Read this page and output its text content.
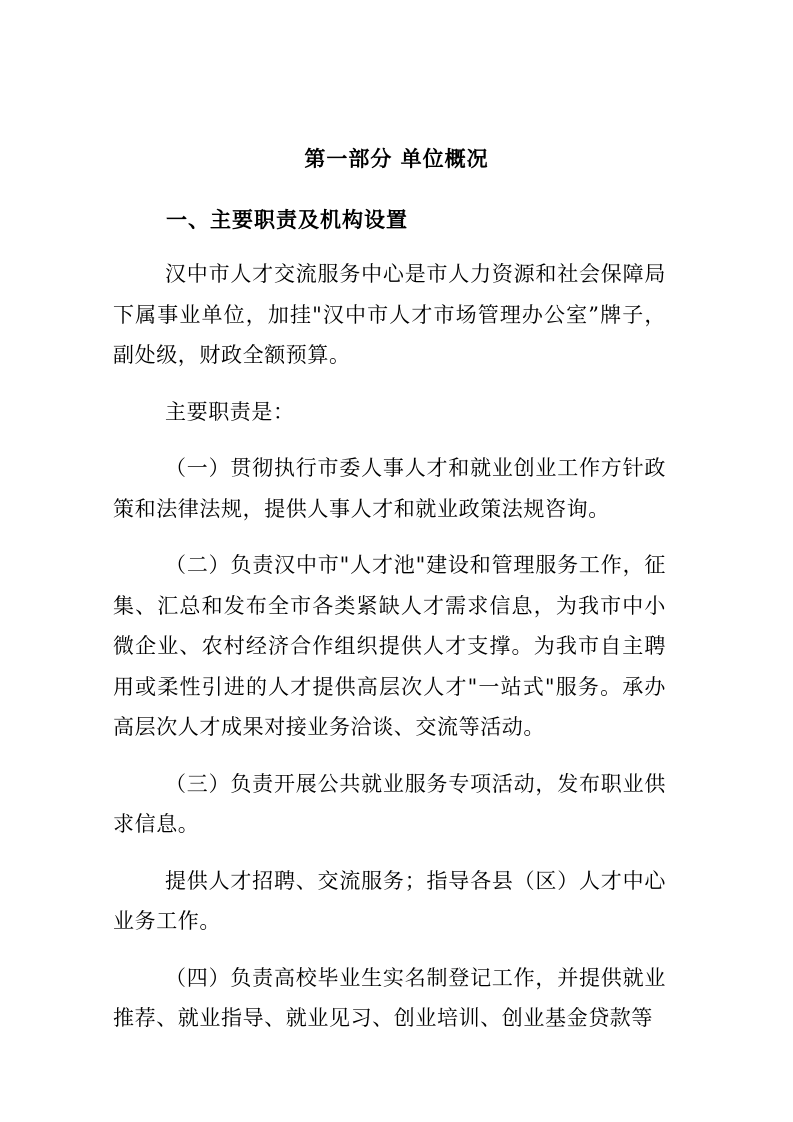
第一部分 单位概况
一、主要职责及机构设置

汉中市人才交流服务中心是市人力资源和社会保障局下属事业单位，加挂"汉中市人才市场管理办公室”牌子，副处级，财政全额预算。

主要职责是：

（一）贯彻执行市委人事人才和就业创业工作方针政策和法律法规，提供人事人才和就业政策法规咨询。

（二）负责汉中市"人才池"建设和管理服务工作，征集、汇总和发布全市各类紧缺人才需求信息，为我市中小微企业、农村经济合作组织提供人才支撑。为我市自主聘用或柔性引进的人才提供高层次人才"一站式"服务。承办高层次人才成果对接业务洽谈、交流等活动。

（三）负责开展公共就业服务专项活动，发布职业供求信息。

提供人才招聘、交流服务；指导各县（区）人才中心业务工作。

（四）负责高校毕业生实名制登记工作，并提供就业推荐、就业指导、就业见习、创业培训、创业基金贷款等
